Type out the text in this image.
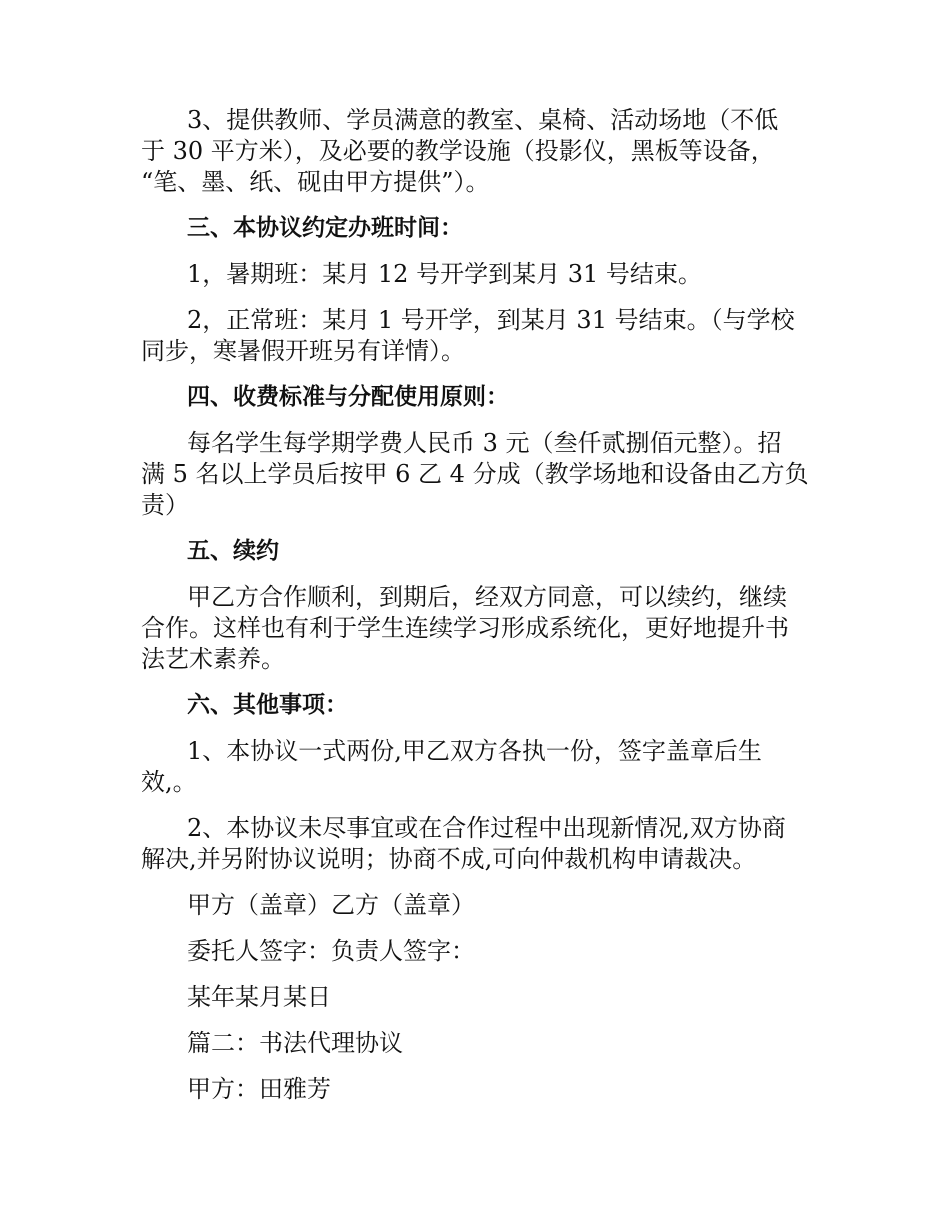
3、提供教师、学员满意的教室、桌椅、活动场地（不低
于 30 平方米），及必要的教学设施（投影仪，黑板等设备，
“笔、墨、纸、砚由甲方提供”）。

三、本协议约定办班时间：

1，暑期班：某月 12 号开学到某月 31 号结束。

2，正常班：某月 1 号开学，到某月 31 号结束。（与学校
同步，寒暑假开班另有详情）。

四、收费标准与分配使用原则：

每名学生每学期学费人民币 3 元（叁仟贰捌佰元整）。招
满 5 名以上学员后按甲 6 乙 4 分成（教学场地和设备由乙方负
责）

五、续约

甲乙方合作顺利，到期后，经双方同意，可以续约，继续
合作。这样也有利于学生连续学习形成系统化，更好地提升书
法艺术素养。

六、其他事项：

1、本协议一式两份,甲乙双方各执一份，签字盖章后生
效,。

2、本协议未尽事宜或在合作过程中出现新情况,双方协商
解决,并另附协议说明；协商不成,可向仲裁机构申请裁决。

甲方（盖章）乙方（盖章）

委托人签字：负责人签字：

某年某月某日

篇二：书法代理协议

甲方：田雅芳
